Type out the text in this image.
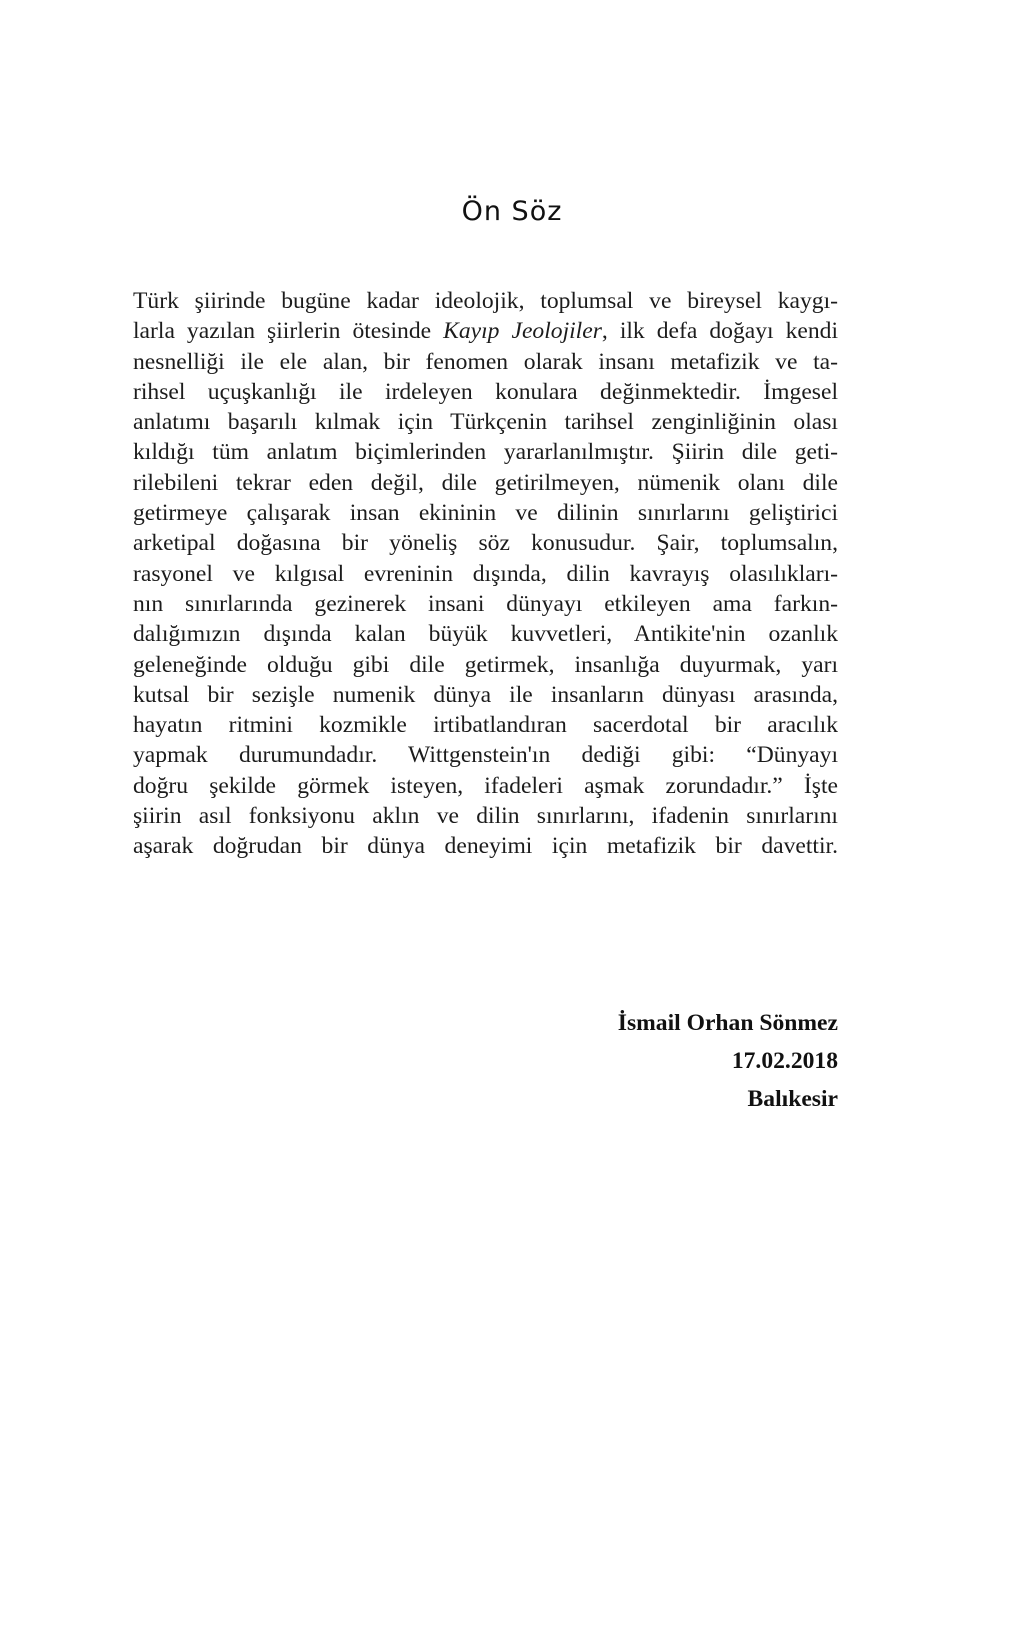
Ön Söz
Türk şiirinde bugüne kadar ideolojik, toplumsal ve bireysel kaygı-
larla yazılan şiirlerin ötesinde Kayıp Jeolojiler, ilk defa doğayı kendi
nesnelliği ile ele alan, bir fenomen olarak insanı metafizik ve ta-
rihsel uçuşkanlığı ile irdeleyen konulara değinmektedir. İmgesel
anlatımı başarılı kılmak için Türkçenin tarihsel zenginliğinin olası
kıldığı tüm anlatım biçimlerinden yararlanılmıştır. Şiirin dile geti-
rilebileni tekrar eden değil, dile getirilmeyen, nümenik olanı dile
getirmeye çalışarak insan ekininin ve dilinin sınırlarını geliştirici
arketipal doğasına bir yöneliş söz konusudur. Şair, toplumsalın,
rasyonel ve kılgısal evreninin dışında, dilin kavrayış olasılıkları-
nın sınırlarında gezinerek insani dünyayı etkileyen ama farkın-
dalığımızın dışında kalan büyük kuvvetleri, Antikite'nin ozanlık
geleneğinde olduğu gibi dile getirmek, insanlığa duyurmak, yarı
kutsal bir sezişle numenik dünya ile insanların dünyası arasında,
hayatın ritmini kozmikle irtibatlandıran sacerdotal bir aracılık
yapmak durumundadır. Wittgenstein'ın dediği gibi: “Dünyayı
doğru şekilde görmek isteyen, ifadeleri aşmak zorundadır.” İşte
şiirin asıl fonksiyonu aklın ve dilin sınırlarını, ifadenin sınırlarını
aşarak doğrudan bir dünya deneyimi için metafizik bir davettir.
İsmail Orhan Sönmez
17.02.2018
Balıkesir
